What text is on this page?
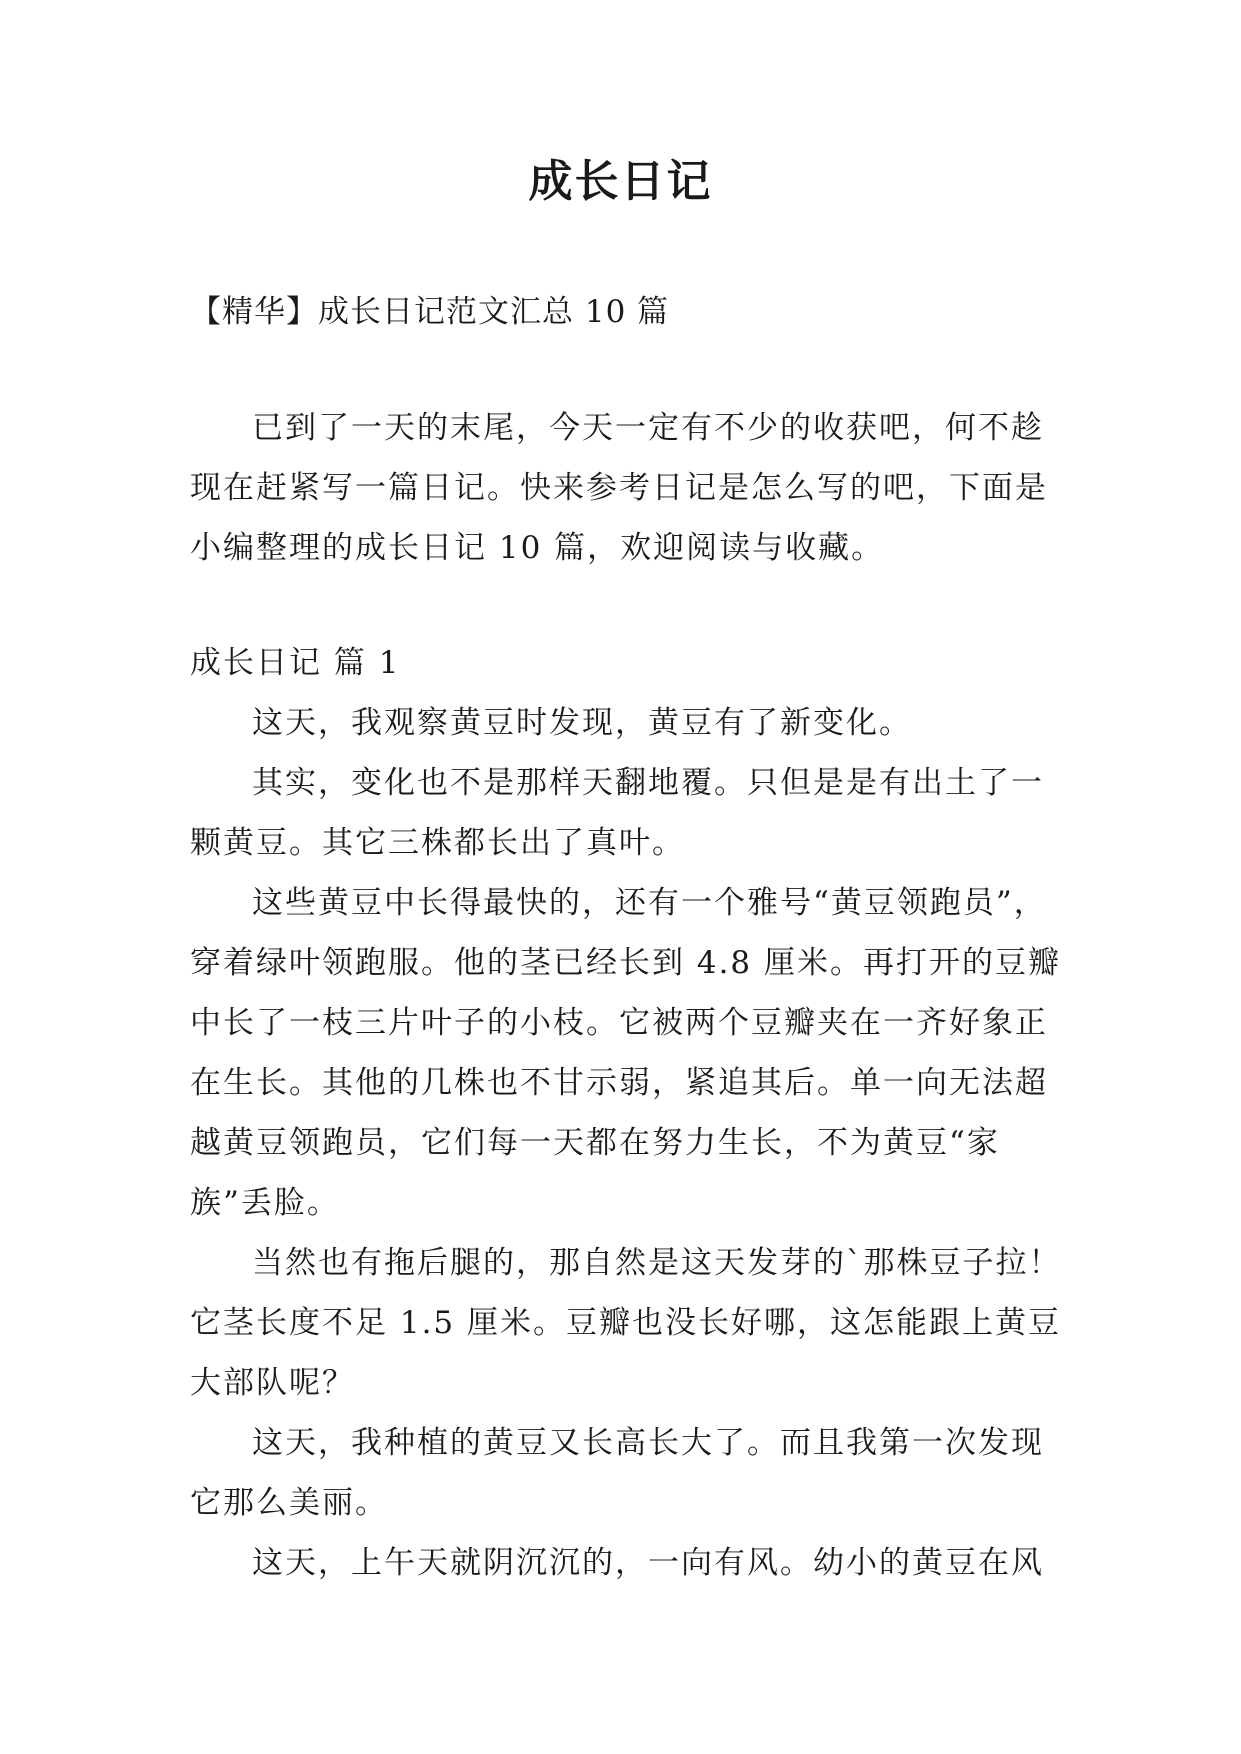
成长日记
【精华】成长日记范文汇总 10 篇

已到了一天的末尾，今天一定有不少的收获吧，何不趁现在赶紧写一篇日记。快来参考日记是怎么写的吧，下面是小编整理的成长日记 10 篇，欢迎阅读与收藏。

成长日记 篇 1

这天，我观察黄豆时发现，黄豆有了新变化。

其实，变化也不是那样天翻地覆。只但是是有出土了一颗黄豆。其它三株都长出了真叶。

这些黄豆中长得最快的，还有一个雅号“黄豆领跑员”，穿着绿叶领跑服。他的茎已经长到 4.8 厘米。再打开的豆瓣中长了一枝三片叶子的小枝。它被两个豆瓣夹在一齐好象正在生长。其他的几株也不甘示弱，紧追其后。单一向无法超越黄豆领跑员，它们每一天都在努力生长，不为黄豆“家族”丢脸。

当然也有拖后腿的，那自然是这天发芽的`那株豆子拉！它茎长度不足 1.5 厘米。豆瓣也没长好哪，这怎能跟上黄豆大部队呢？

这天，我种植的黄豆又长高长大了。而且我第一次发现它那么美丽。

这天，上午天就阴沉沉的，一向有风。幼小的黄豆在风
